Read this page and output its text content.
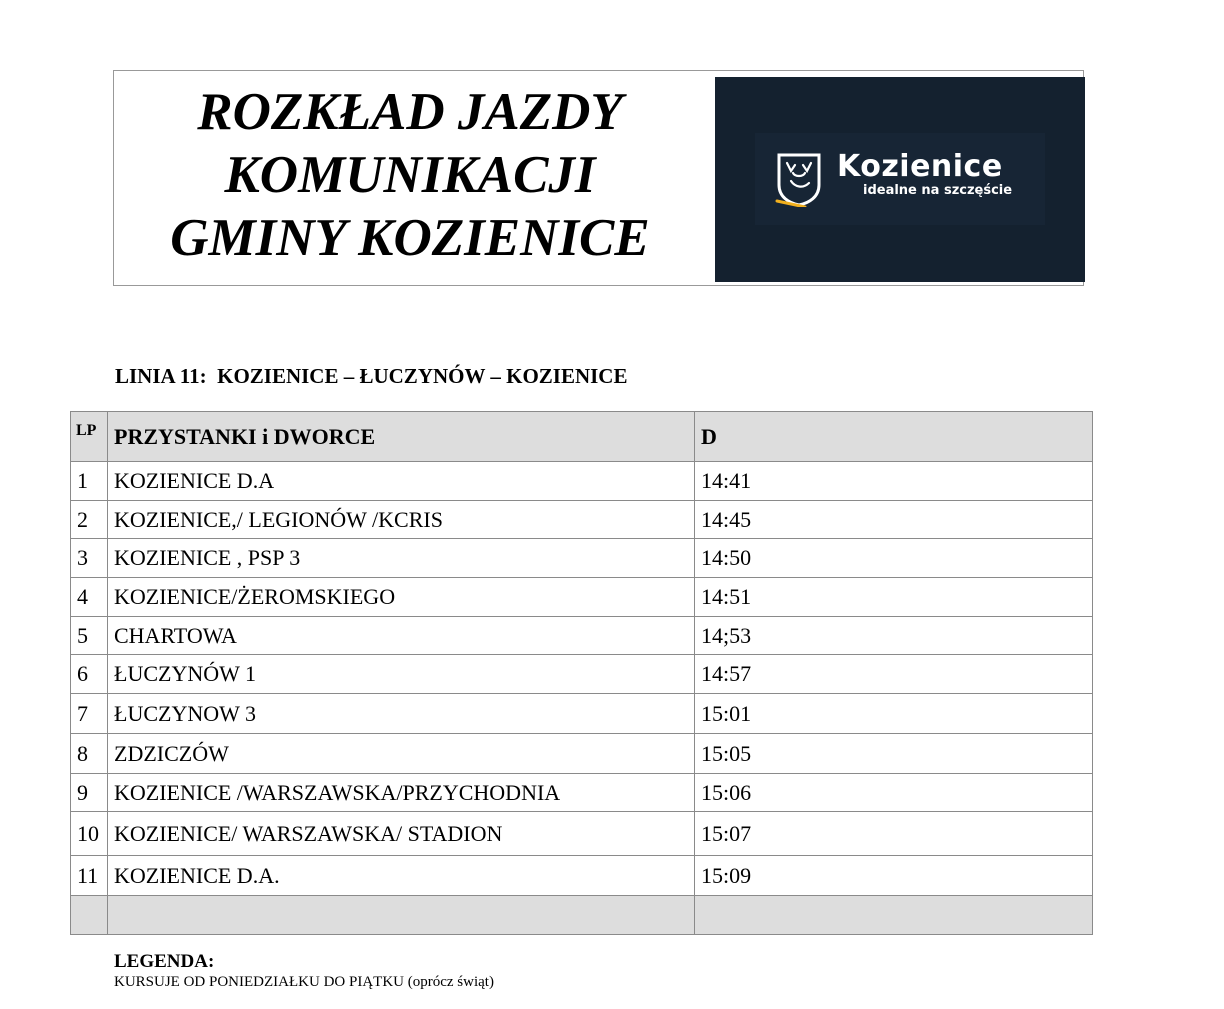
ROZKŁAD JAZDY
KOMUNIKACJI
GMINY KOZIENICE
Kozienice
idealne na szczęście
LINIA 11:  KOZIENICE – ŁUCZYNÓW – KOZIENICE
LP	PRZYSTANKI i DWORCE	D
1	KOZIENICE D.A	14:41
2	KOZIENICE,/ LEGIONÓW /KCRIS	14:45
3	KOZIENICE , PSP 3	14:50
4	KOZIENICE/ŻEROMSKIEGO	14:51
5	CHARTOWA	14;53
6	ŁUCZYNÓW 1	14:57
7	ŁUCZYNOW 3	15:01
8	ZDZICZÓW	15:05
9	KOZIENICE /WARSZAWSKA/PRZYCHODNIA	15:06
10	KOZIENICE/ WARSZAWSKA/ STADION	15:07
11	KOZIENICE D.A.	15:09

LEGENDA:
KURSUJE OD PONIEDZIAŁKU DO PIĄTKU (oprócz świąt)
